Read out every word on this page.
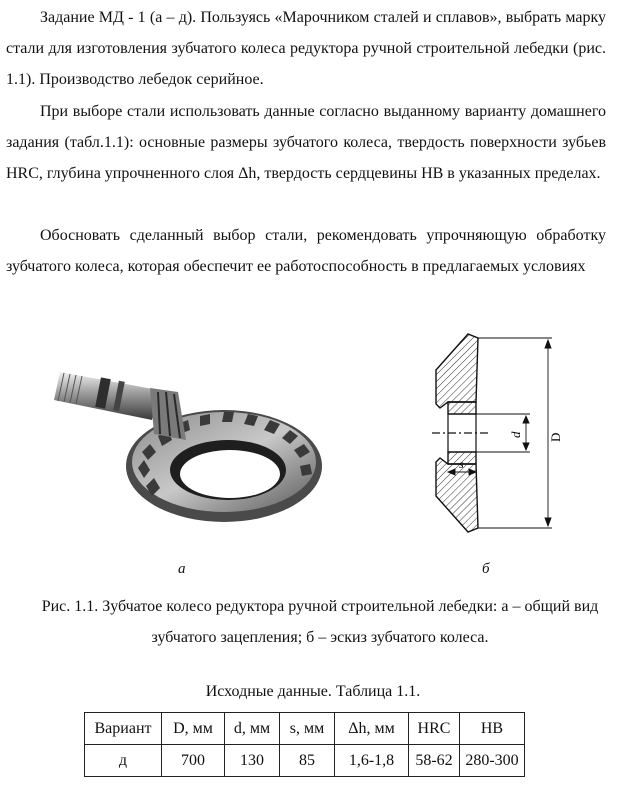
Задание МД - 1 (а – д). Пользуясь «Марочником сталей и сплавов», выбрать марку стали для изготовления зубчатого колеса редуктора ручной строительной лебедки (рис. 1.1). Производство лебедок серийное.

При выборе стали использовать данные согласно выданному варианту домашнего задания (табл.1.1): основные размеры зубчатого колеса, твердость поверхности зубьев HRC, глубина упрочненного слоя Δh, твердость сердцевины HB в указанных пределах.

Обосновать сделанный выбор стали, рекомендовать упрочняющую обработку зубчатого колеса, которая обеспечит ее работоспособность в предлагаемых условиях

d D
s
а	б

Рис. 1.1. Зубчатое колесо редуктора ручной строительной лебедки: а – общий вид зубчатого зацепления; б – эскиз зубчатого колеса.

Исходные данные. Таблица 1.1.

Вариант	D, мм	d, мм	s, мм	Δh, мм	HRC	HB
д	700	130	85	1,6-1,8	58-62	280-300
